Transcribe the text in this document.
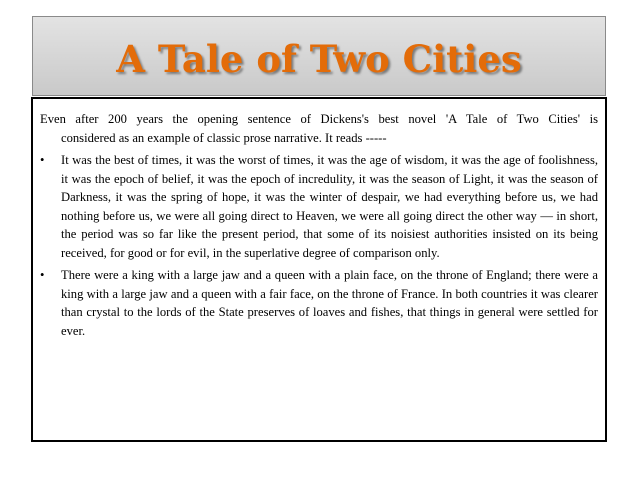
A Tale of Two Cities
Even after 200 years the opening sentence of Dickens's best novel 'A Tale of Two Cities' is
considered as an example of classic prose narrative. It reads -----
•	It was the best of times, it was the worst of times, it was the age of wisdom, it was the age of foolishness, it was the epoch of belief, it was the epoch of incredulity, it was the season of Light, it was the season of Darkness, it was the spring of hope, it was the winter of despair, we had everything before us, we had nothing before us, we were all going direct to Heaven, we were all going direct the other way — in short, the period was so far like the present period, that some of its noisiest authorities insisted on its being received, for good or for evil, in the superlative degree of comparison only.
•	There were a king with a large jaw and a queen with a plain face, on the throne of England; there were a king with a large jaw and a queen with a fair face, on the throne of France. In both countries it was clearer than crystal to the lords of the State preserves of loaves and fishes, that things in general were settled for ever.
